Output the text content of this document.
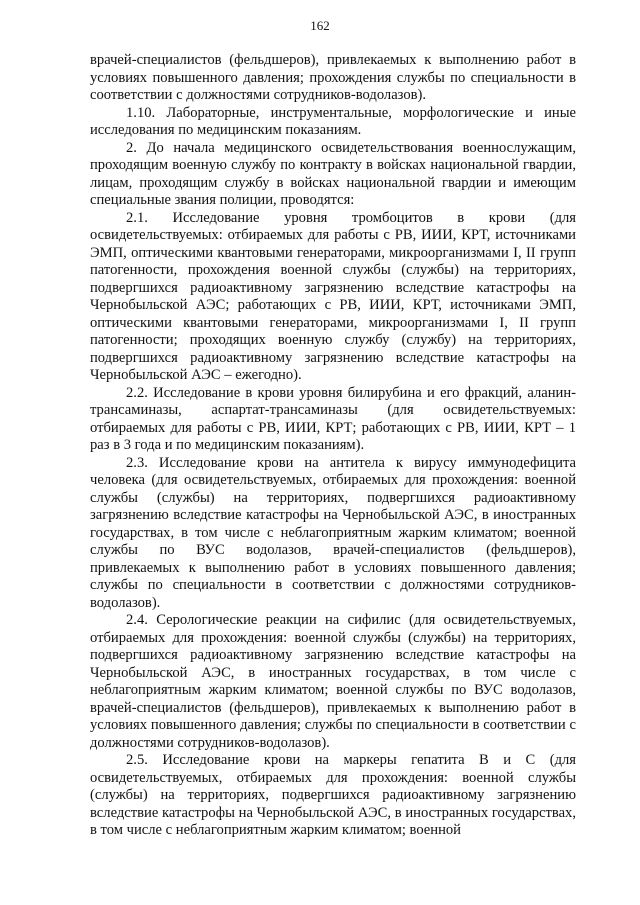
162

врачей-специалистов (фельдшеров), привлекаемых к выполнению работ в условиях повышенного давления; прохождения службы по специальности в соответствии с должностями сотрудников-водолазов).

1.10. Лабораторные, инструментальные, морфологические и иные исследования по медицинским показаниям.

2. До начала медицинского освидетельствования военнослужащим, проходящим военную службу по контракту в войсках национальной гвардии, лицам, проходящим службу в войсках национальной гвардии и имеющим специальные звания полиции, проводятся:

2.1. Исследование уровня тромбоцитов в крови (для освидетельствуемых: отбираемых для работы с РВ, ИИИ, КРТ, источниками ЭМП, оптическими квантовыми генераторами, микроорганизмами I, II групп патогенности, прохождения военной службы (службы) на территориях, подвергшихся радиоактивному загрязнению вследствие катастрофы на Чернобыльской АЭС; работающих с РВ, ИИИ, КРТ, источниками ЭМП, оптическими квантовыми генераторами, микроорганизмами I, II групп патогенности; проходящих военную службу (службу) на территориях, подвергшихся радиоактивному загрязнению вследствие катастрофы на Чернобыльской АЭС – ежегодно).

2.2. Исследование в крови уровня билирубина и его фракций, аланин-трансаминазы, аспартат-трансаминазы (для освидетельствуемых: отбираемых для работы с РВ, ИИИ, КРТ; работающих с РВ, ИИИ, КРТ – 1 раз в 3 года и по медицинским показаниям).

2.3. Исследование крови на антитела к вирусу иммунодефицита человека (для освидетельствуемых, отбираемых для прохождения: военной службы (службы) на территориях, подвергшихся радиоактивному загрязнению вследствие катастрофы на Чернобыльской АЭС, в иностранных государствах, в том числе с неблагоприятным жарким климатом; военной службы по ВУС водолазов, врачей-специалистов (фельдшеров), привлекаемых к выполнению работ в условиях повышенного давления; службы по специальности в соответствии с должностями сотрудников-водолазов).

2.4. Серологические реакции на сифилис (для освидетельствуемых, отбираемых для прохождения: военной службы (службы) на территориях, подвергшихся радиоактивному загрязнению вследствие катастрофы на Чернобыльской АЭС, в иностранных государствах, в том числе с неблагоприятным жарким климатом; военной службы по ВУС водолазов, врачей-специалистов (фельдшеров), привлекаемых к выполнению работ в условиях повышенного давления; службы по специальности в соответствии с должностями сотрудников-водолазов).

2.5. Исследование крови на маркеры гепатита В и С (для освидетельствуемых, отбираемых для прохождения: военной службы (службы) на территориях, подвергшихся радиоактивному загрязнению вследствие катастрофы на Чернобыльской АЭС, в иностранных государствах, в том числе с неблагоприятным жарким климатом; военной
